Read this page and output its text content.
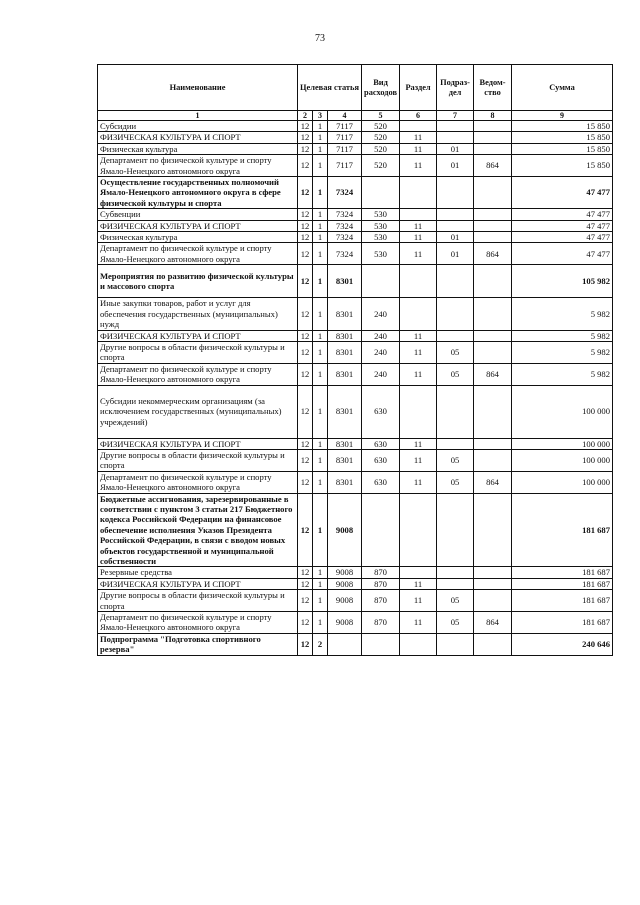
73
Наименование	Целевая статья			Вид расходов	Раздел	Подраз-дел	Ведом-ство	Сумма
1	2	3	4	5	6	7	8	9
Субсидии	12	1	7117	520				15 850
ФИЗИЧЕСКАЯ КУЛЬТУРА И СПОРТ	12	1	7117	520	11			15 850
Физическая культура	12	1	7117	520	11	01		15 850
Департамент по физической культуре и спорту Ямало-Ненецкого автономного округа	12	1	7117	520	11	01	864	15 850
Осуществление государственных полномочий Ямало-Ненецкого автономного округа в сфере физической культуры и спорта	12	1	7324					47 477
Субвенции	12	1	7324	530				47 477
ФИЗИЧЕСКАЯ КУЛЬТУРА И СПОРТ	12	1	7324	530	11			47 477
Физическая культура	12	1	7324	530	11	01		47 477
Департамент по физической культуре и спорту Ямало-Ненецкого автономного округа	12	1	7324	530	11	01	864	47 477
Мероприятия по развитию физической культуры и массового спорта	12	1	8301					105 982
Иные закупки товаров, работ и услуг для обеспечения государственных (муниципальных) нужд	12	1	8301	240				5 982
ФИЗИЧЕСКАЯ КУЛЬТУРА И СПОРТ	12	1	8301	240	11			5 982
Другие вопросы в области физической культуры и спорта	12	1	8301	240	11	05		5 982
Департамент по физической культуре и спорту Ямало-Ненецкого автономного округа	12	1	8301	240	11	05	864	5 982
Субсидии некоммерческим организациям (за исключением государственных (муниципальных) учреждений)	12	1	8301	630				100 000
ФИЗИЧЕСКАЯ КУЛЬТУРА И СПОРТ	12	1	8301	630	11			100 000
Другие вопросы в области физической культуры и спорта	12	1	8301	630	11	05		100 000
Департамент по физической культуре и спорту Ямало-Ненецкого автономного округа	12	1	8301	630	11	05	864	100 000
Бюджетные ассигнования, зарезервированные в соответствии с пунктом 3 статьи 217 Бюджетного кодекса Российской Федерации на финансовое обеспечение исполнения Указов Президента Российской Федерации, в связи с вводом новых объектов государственной и муниципальной собственности	12	1	9008					181 687
Резервные средства	12	1	9008	870				181 687
ФИЗИЧЕСКАЯ КУЛЬТУРА И СПОРТ	12	1	9008	870	11			181 687
Другие вопросы в области физической культуры и спорта	12	1	9008	870	11	05		181 687
Департамент по физической культуре и спорту Ямало-Ненецкого автономного округа	12	1	9008	870	11	05	864	181 687
Подпрограмма "Подготовка спортивного резерва"	12	2						240 646
